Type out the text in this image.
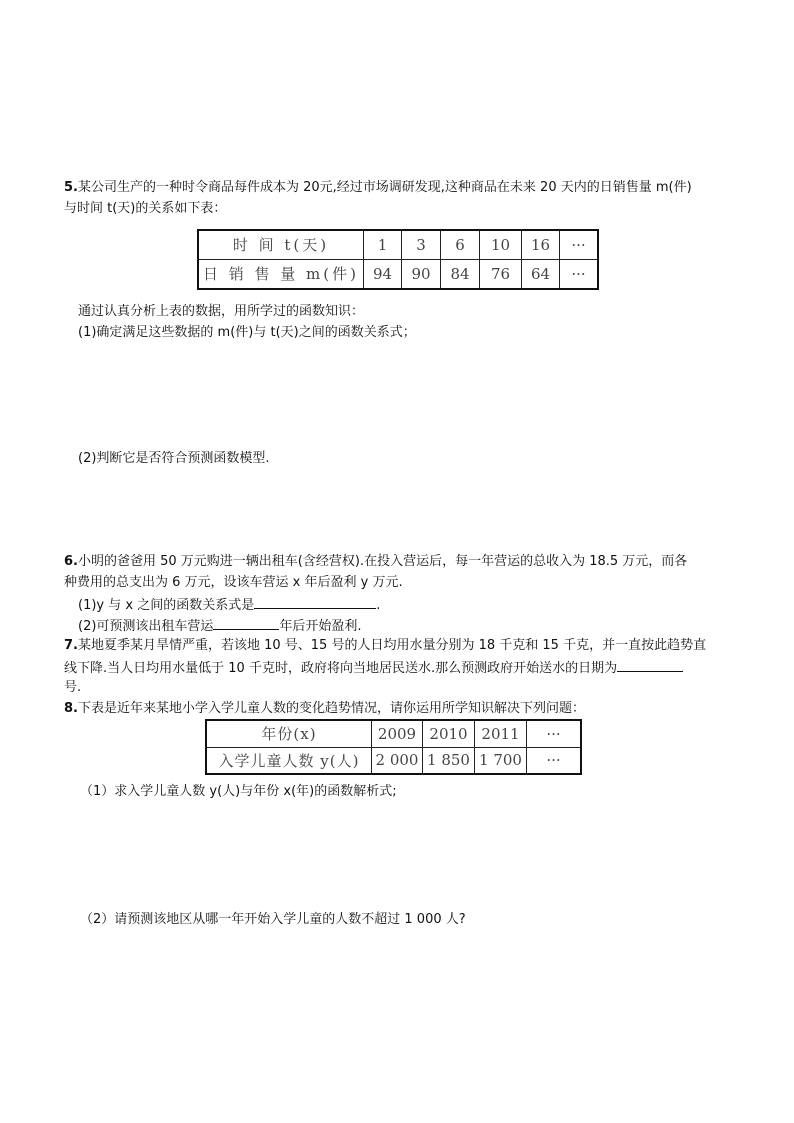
5.某公司生产的一种时令商品每件成本为 20元,经过市场调研发现,这种商品在未来 20 天内的日销售量 m(件)
与时间 t(天)的关系如下表：
时 间 t(天)	1	3	6	10	16	···
日 销 售 量 m(件)	94	90	84	76	64	···
通过认真分析上表的数据，用所学过的函数知识：
(1)确定满足这些数据的 m(件)与 t(天)之间的函数关系式；
(2)判断它是否符合预测函数模型.
6.小明的爸爸用 50 万元购进一辆出租车(含经营权).在投入营运后，每一年营运的总收入为 18.5 万元，而各
种费用的总支出为 6 万元，设该车营运 x 年后盈利 y 万元.
(1)y 与 x 之间的函数关系式是	.
(2)可预测该出租车营运	年后开始盈利.
7.某地夏季某月旱情严重，若该地 10 号、15 号的人日均用水量分别为 18 千克和 15 千克，并一直按此趋势直
线下降.当人日均用水量低于 10 千克时，政府将向当地居民送水.那么预测政府开始送水的日期为
号.
8.下表是近年来某地小学入学儿童人数的变化趋势情况，请你运用所学知识解决下列问题：
年份(x)	2009	2010	2011	···
入学儿童人数 y(人)	2 000	1 850	1 700	···
（1）求入学儿童人数 y(人)与年份 x(年)的函数解析式;
（2）请预测该地区从哪一年开始入学儿童的人数不超过 1 000 人?
